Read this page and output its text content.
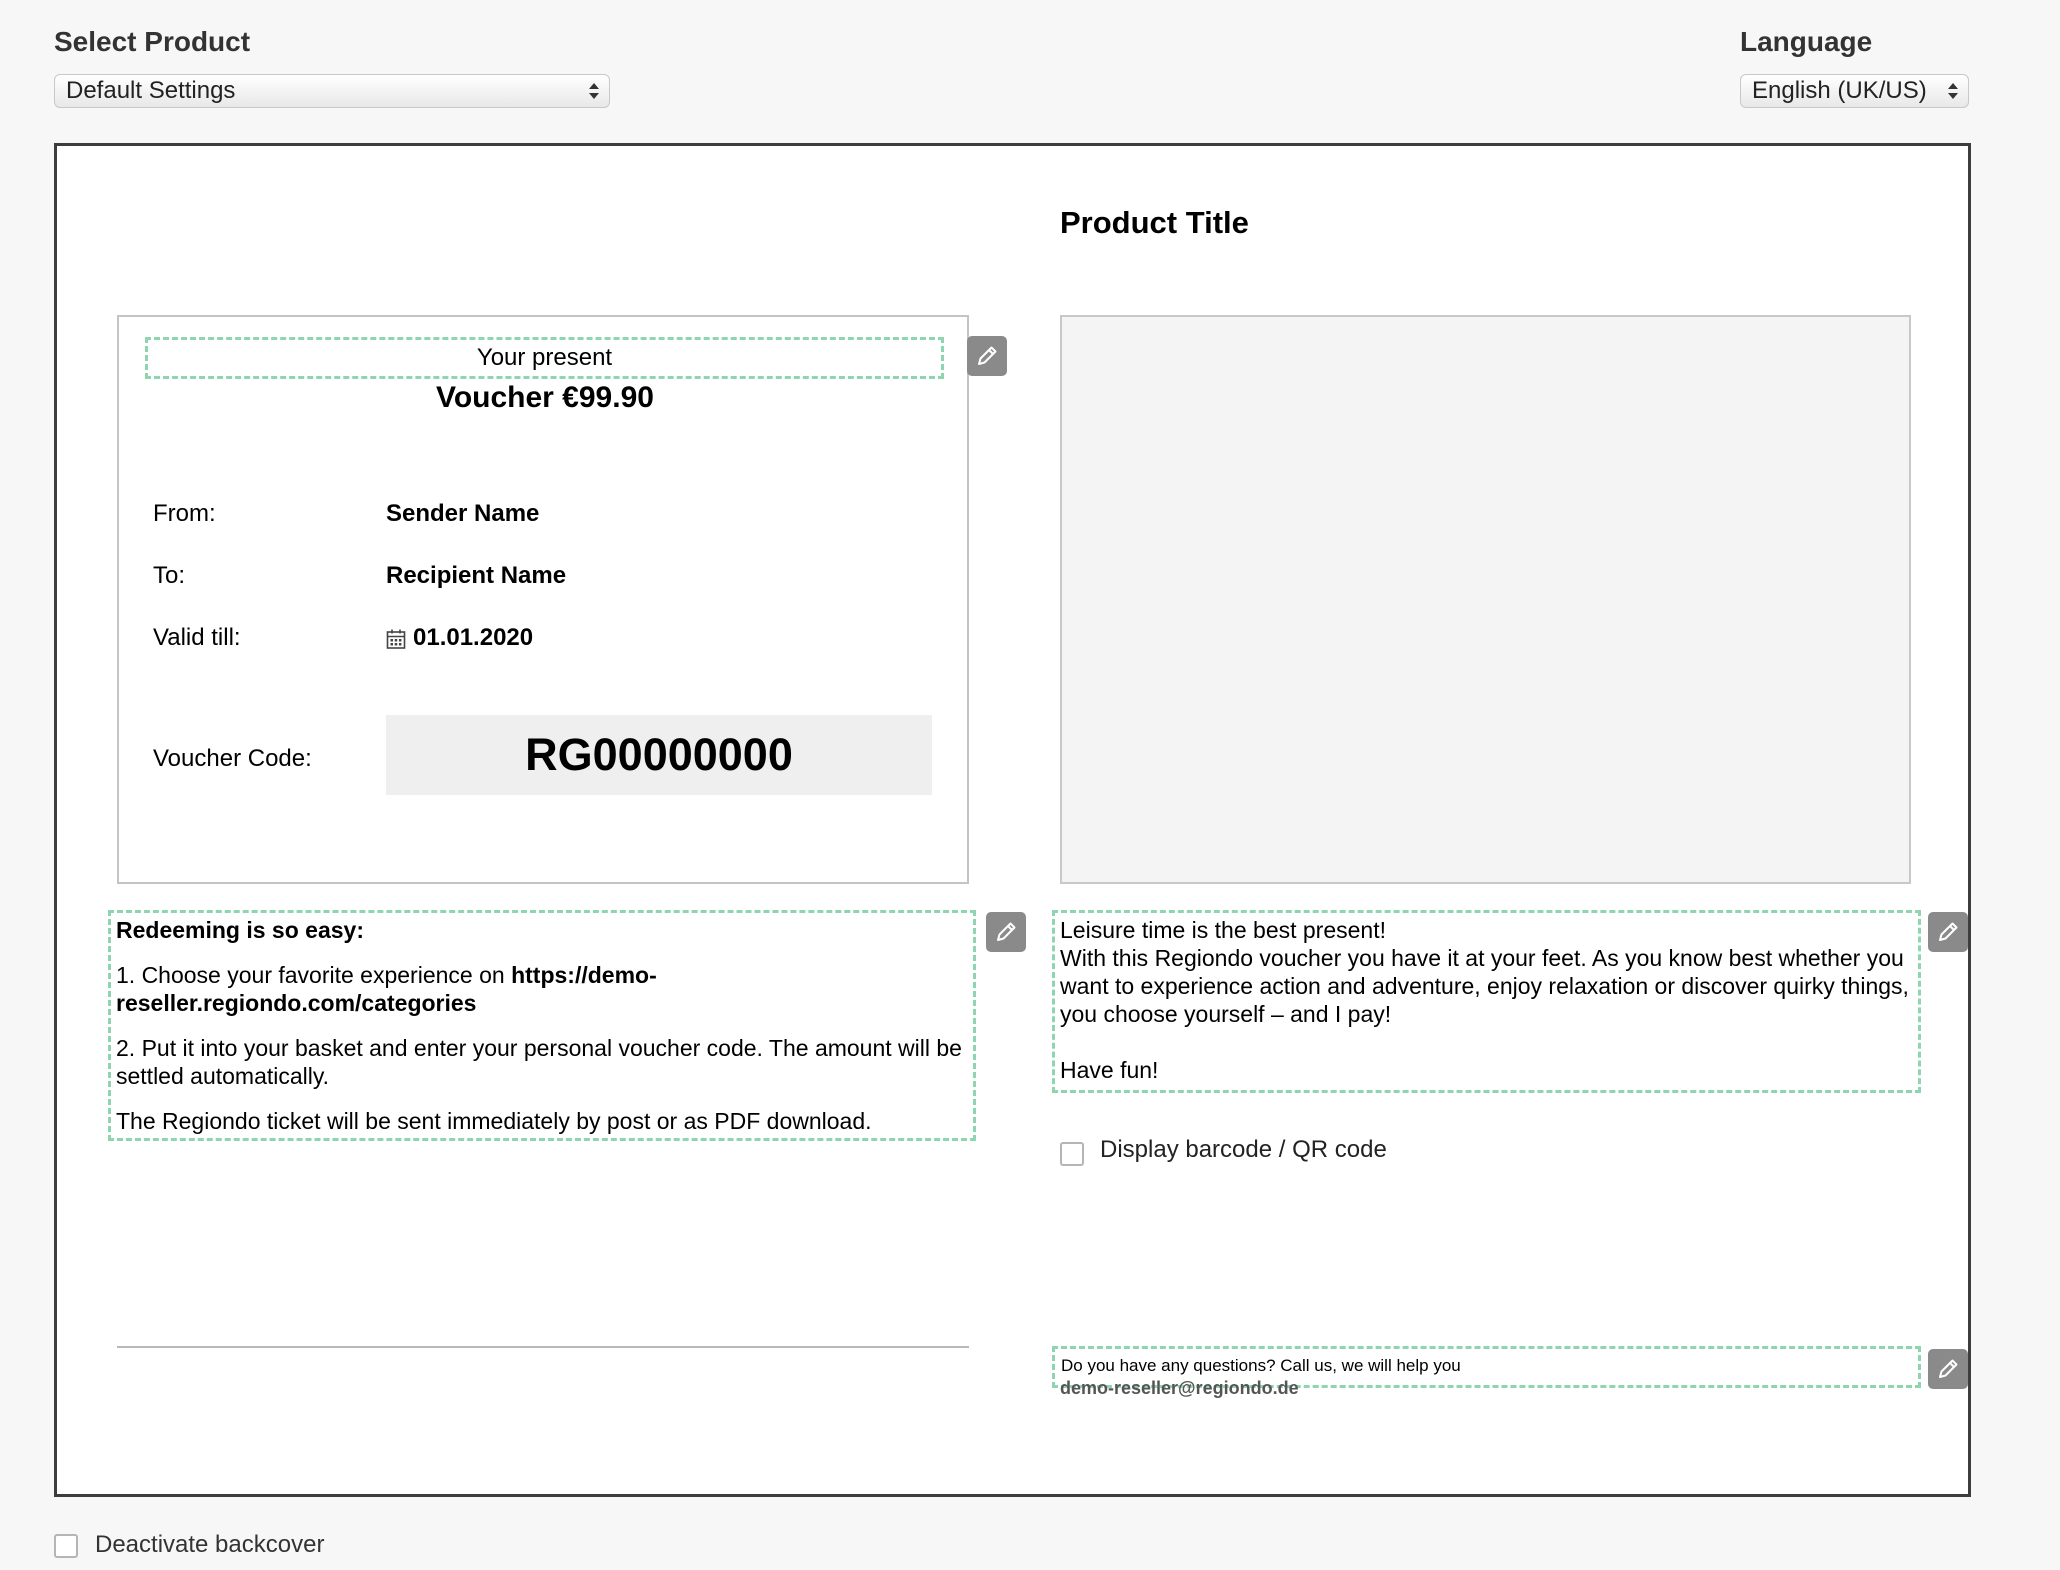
Select Product
Default Settings
Language
English (UK/US)
Product Title
Your present
Voucher €99.90
From:	Sender Name
To:	Recipient Name
Valid till:	01.01.2020
Voucher Code:	RG00000000

Redeeming is so easy:

1. Choose your favorite experience on https://demo-reseller.regiondo.com/categories

2. Put it into your basket and enter your personal voucher code. The amount will be settled automatically.

The Regiondo ticket will be sent immediately by post or as PDF download.

Leisure time is the best present!
With this Regiondo voucher you have it at your feet. As you know best whether you want to experience action and adventure, enjoy relaxation or discover quirky things, you choose yourself – and I pay!
Have fun!
Display barcode / QR code
Do you have any questions? Call us, we will help you
demo-reseller@regiondo.de
Deactivate backcover
